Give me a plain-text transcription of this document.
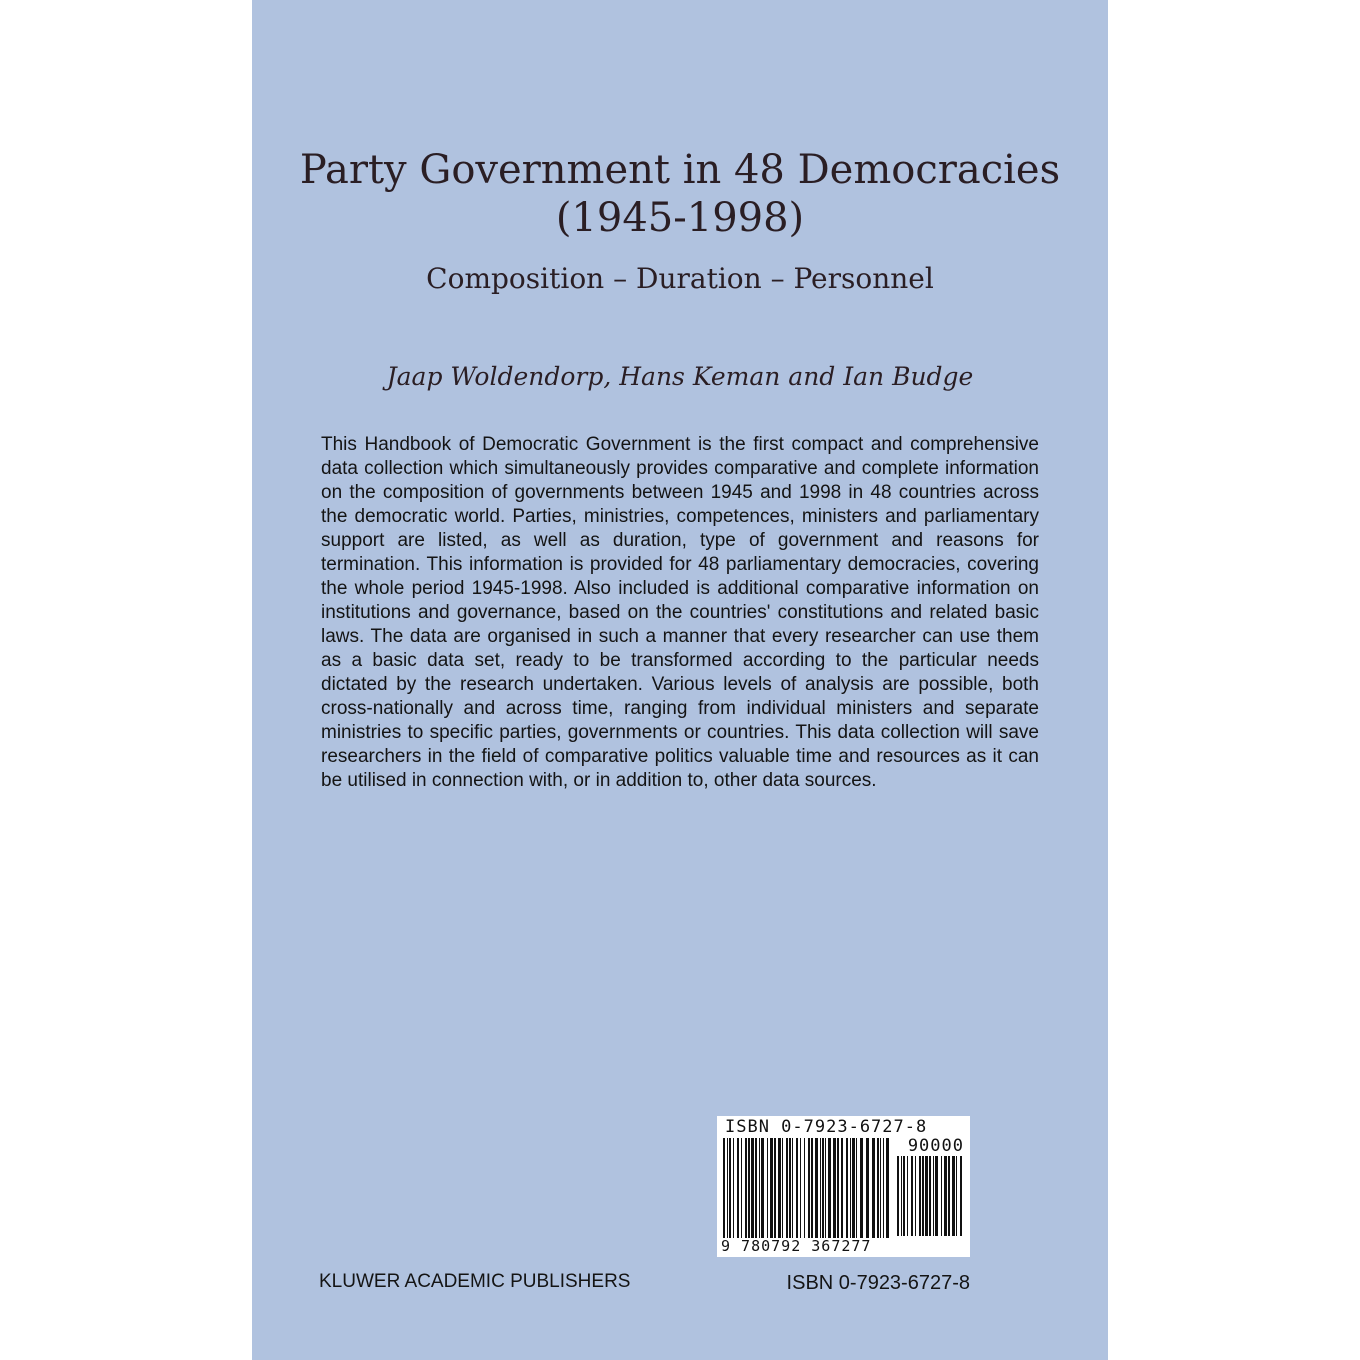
Party Government in 48 Democracies
(1945-1998)
Composition – Duration – Personnel
Jaap Woldendorp, Hans Keman and Ian Budge

This Handbook of Democratic Government is the first compact and comprehensive data collection which simultaneously provides comparative and complete information on the composition of governments between 1945 and 1998 in 48 countries across the democratic world. Parties, ministries, competences, ministers and parliamentary support are listed, as well as duration, type of government and reasons for termination. This information is provided for 48 parliamentary democracies, covering the whole period 1945-1998. Also included is additional comparative information on institutions and governance, based on the countries' constitutions and related basic laws. The data are organised in such a manner that every researcher can use them as a basic data set, ready to be transformed according to the particular needs dictated by the research undertaken. Various levels of analysis are possible, both cross-nationally and across time, ranging from individual ministers and separate ministries to specific parties, governments or countries. This data collection will save researchers in the field of comparative politics valuable time and resources as it can be utilised in connection with, or in addition to, other data sources.

ISBN 0-7923-6727-8
90000
9 780792 367277
KLUWER ACADEMIC PUBLISHERS	ISBN 0-7923-6727-8
